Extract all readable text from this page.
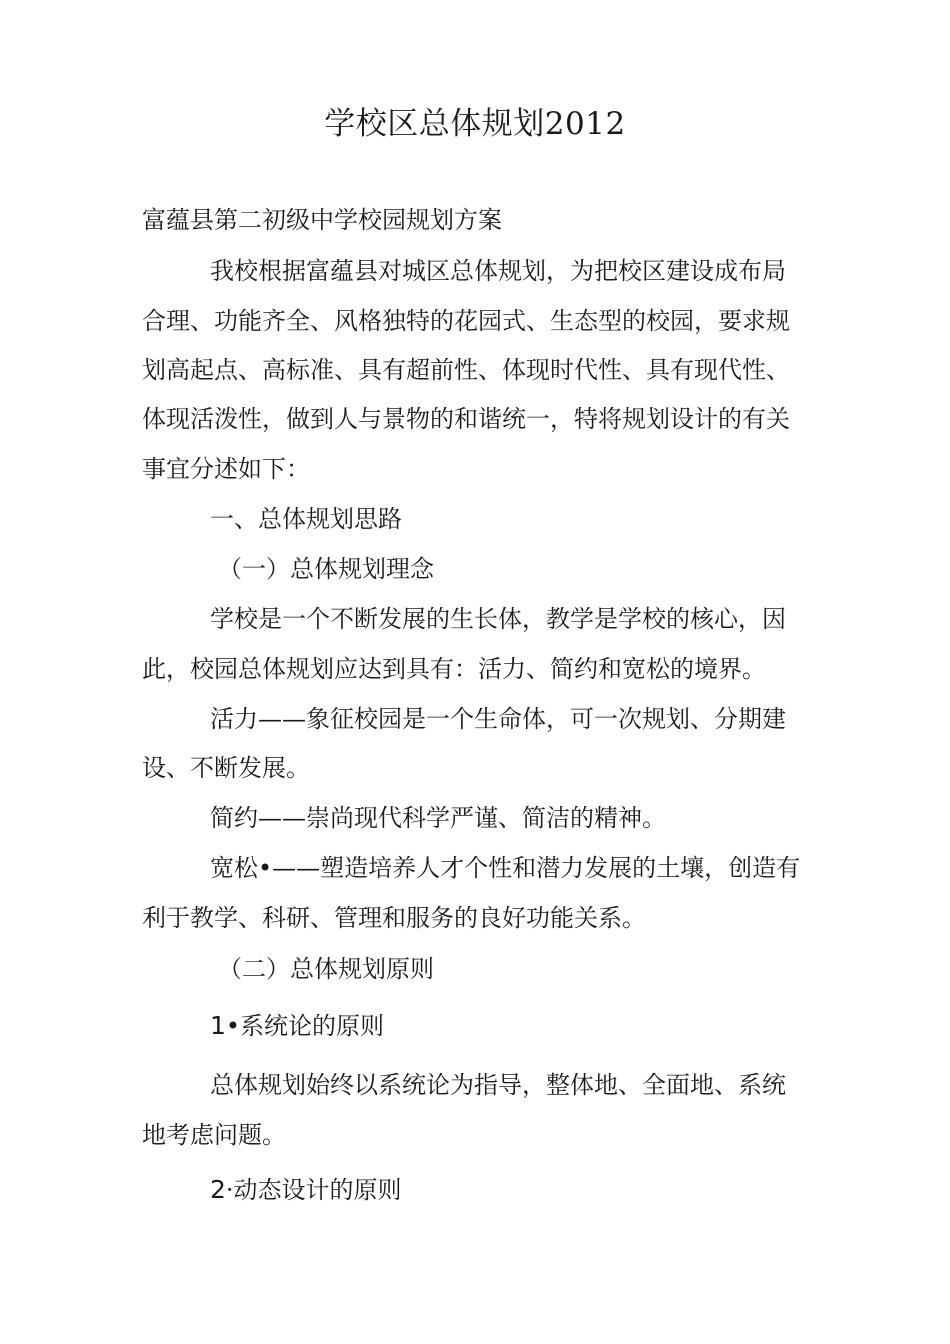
学校区总体规划2012
富蕴县第二初级中学校园规划方案
我校根据富蕴县对城区总体规划，为把校区建设成布局
合理、功能齐全、风格独特的花园式、生态型的校园，要求规
划高起点、高标准、具有超前性、体现时代性、具有现代性、
体现活泼性，做到人与景物的和谐统一，特将规划设计的有关
事宜分述如下：
一、总体规划思路
（一）总体规划理念
学校是一个不断发展的生长体，教学是学校的核心，因
此，校园总体规划应达到具有：活力、简约和宽松的境界。
活力——象征校园是一个生命体，可一次规划、分期建
设、不断发展。
简约——崇尚现代科学严谨、简洁的精神。
宽松•——塑造培养人才个性和潜力发展的土壤，创造有
利于教学、科研、管理和服务的良好功能关系。
（二）总体规划原则
1•系统论的原则
总体规划始终以系统论为指导，整体地、全面地、系统
地考虑问题。
2·动态设计的原则
